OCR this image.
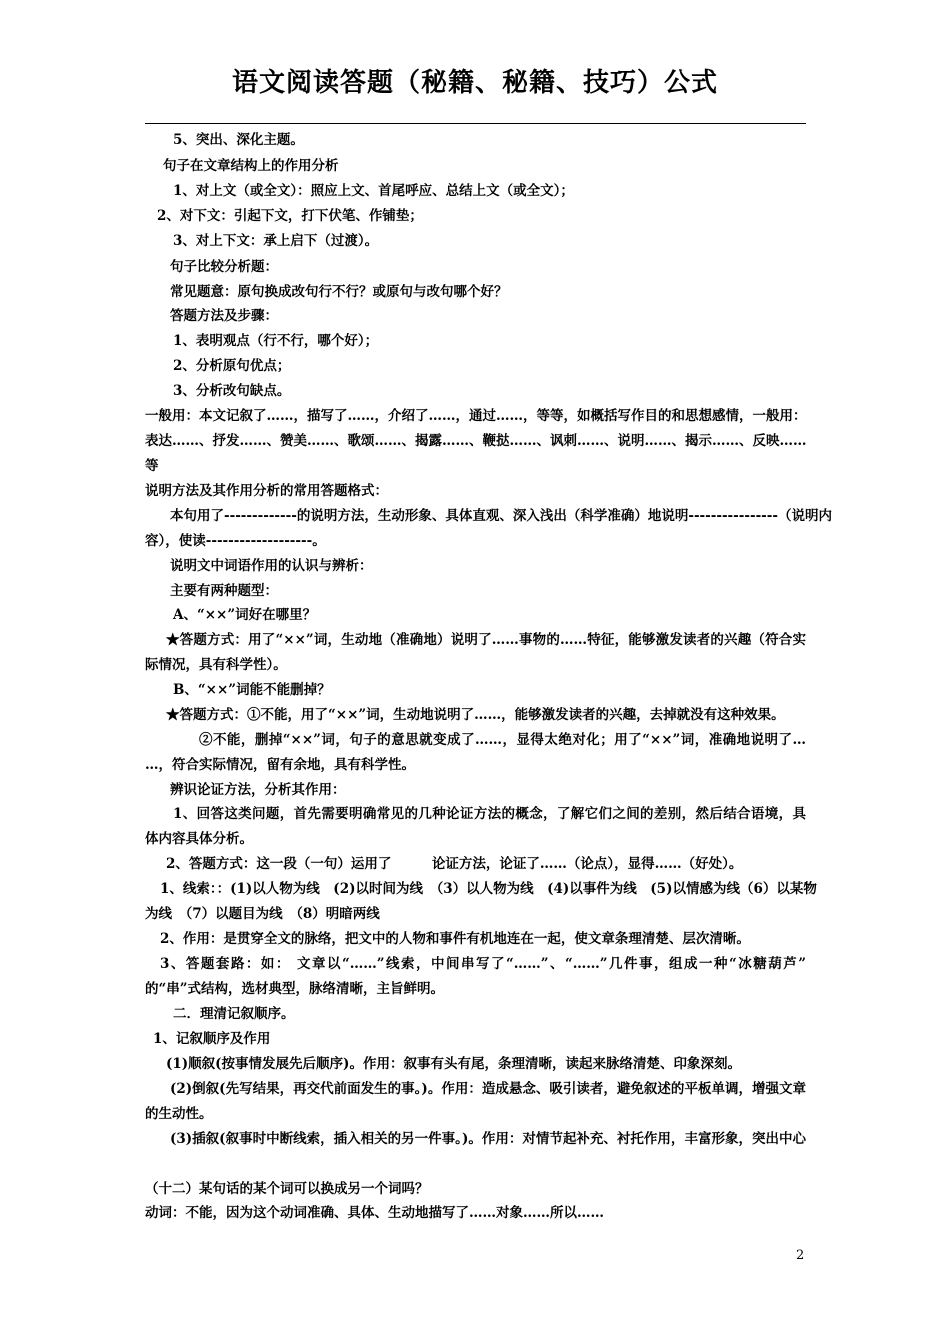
语文阅读答题（秘籍、秘籍、技巧）公式
5、突出、深化主题。
句子在文章结构上的作用分析
1、对上文（或全文）：照应上文、首尾呼应、总结上文（或全文）；
2、对下文：引起下文，打下伏笔、作铺垫；
3、对上下文：承上启下（过渡）。
句子比较分析题：
常见题意：原句换成改句行不行？或原句与改句哪个好？
答题方法及步骤：
1、表明观点（行不行，哪个好）；
2、分析原句优点；
3、分析改句缺点。
一般用：本文记叙了……，描写了……，介绍了……，通过……，等等，如概括写作目的和思想感情，一般用：
表达……、抒发……、赞美……、歌颂……、揭露……、鞭挞……、讽刺……、说明……、揭示……、反映……
等
说明方法及其作用分析的常用答题格式：
本句用了-------------的说明方法，生动形象、具体直观、深入浅出（科学准确）地说明----------------（说明内
容），使读-------------------。
说明文中词语作用的认识与辨析：
主要有两种题型：
A、“××”词好在哪里？
★答题方式：用了“××”词，生动地（准确地）说明了……事物的……特征，能够激发读者的兴趣（符合实
际情况，具有科学性）。
B、“××”词能不能删掉？
★答题方式：①不能，用了“××”词，生动地说明了……，能够激发读者的兴趣，去掉就没有这种效果。
②不能，删掉“××”词，句子的意思就变成了……，显得太绝对化；用了“××”词，准确地说明了…
…，符合实际情况，留有余地，具有科学性。
辨识论证方法，分析其作用：
1、回答这类问题，首先需要明确常见的几种论证方法的概念，了解它们之间的差别，然后结合语境，具
体内容具体分析。
2、答题方式：这一段（一句）运用了　　　论证方法，论证了……（论点），显得……（好处）。
1、线索：：(1)以人物为线　(2)以时间为线　（3）以人物为线　(4)以事件为线　(5)以情感为线（6）以某物
为线　（7）以题目为线　（8）明暗两线
2、作用：是贯穿全文的脉络，把文中的人物和事件有机地连在一起，使文章条理清楚、层次清晰。
3、答题套路：如： 文章以“……”线索，中间串写了“……”、“……”几件事，组成一种“冰糖葫芦”
的“串”式结构，选材典型，脉络清晰，主旨鲜明。
二．理清记叙顺序。
1、记叙顺序及作用
(1)顺叙(按事情发展先后顺序)。作用：叙事有头有尾，条理清晰，读起来脉络清楚、印象深刻。
(2)倒叙(先写结果，再交代前面发生的事。)。作用：造成悬念、吸引读者，避免叙述的平板单调，增强文章
的生动性。
(3)插叙(叙事时中断线索，插入相关的另一件事。)。作用：对情节起补充、衬托作用，丰富形象，突出中心
（十二）某句话的某个词可以换成另一个词吗？
动词：不能，因为这个动词准确、具体、生动地描写了……对象……所以……
2
